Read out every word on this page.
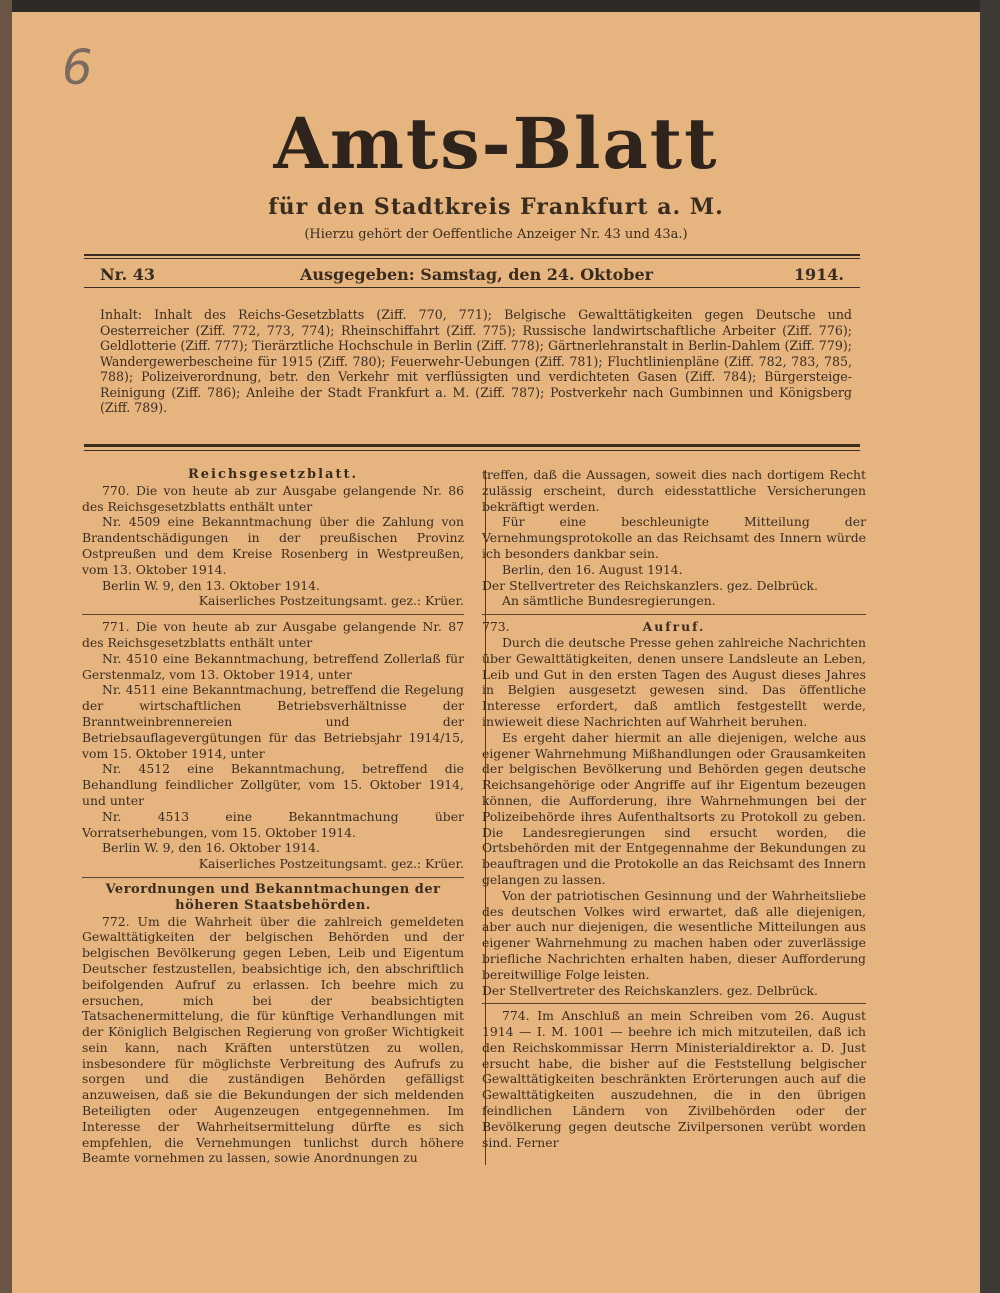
6
Amts-Blatt
für den Stadtkreis Frankfurt a. M.
(Hierzu gehört der Oeffentliche Anzeiger Nr. 43 und 43a.)
Nr. 43	Ausgegeben: Samstag, den 24. Oktober	1914.
Inhalt: Inhalt des Reichs-Gesetzblatts (Ziff. 770, 771); Belgische Gewalttätigkeiten gegen Deutsche und Oesterreicher (Ziff. 772, 773, 774); Rheinschiffahrt (Ziff. 775); Russische landwirtschaftliche Arbeiter (Ziff. 776); Geldlotterie (Ziff. 777); Tierärztliche Hochschule in Berlin (Ziff. 778); Gärtnerlehranstalt in Berlin-Dahlem (Ziff. 779); Wandergewerbescheine für 1915 (Ziff. 780); Feuerwehr-Uebungen (Ziff. 781); Fluchtlinienpläne (Ziff. 782, 783, 785, 788); Polizeiverordnung, betr. den Verkehr mit verflüssigten und verdichteten Gasen (Ziff. 784); Bürgersteige-Reinigung (Ziff. 786); Anleihe der Stadt Frankfurt a. M. (Ziff. 787); Postverkehr nach Gumbinnen und Königsberg (Ziff. 789).

Reichsgesetzblatt.

770. Die von heute ab zur Ausgabe gelangende Nr. 86 des Reichsgesetzblatts enthält unter

Nr. 4509 eine Bekanntmachung über die Zahlung von Brandentschädigungen in der preußischen Provinz Ostpreußen und dem Kreise Rosenberg in Westpreußen, vom 13. Oktober 1914.

Berlin W. 9, den 13. Oktober 1914.

Kaiserliches Postzeitungsamt. gez.: Krüer.

771. Die von heute ab zur Ausgabe gelangende Nr. 87 des Reichsgesetzblatts enthält unter

Nr. 4510 eine Bekanntmachung, betreffend Zollerlaß für Gerstenmalz, vom 13. Oktober 1914, unter

Nr. 4511 eine Bekanntmachung, betreffend die Regelung der wirtschaftlichen Betriebsverhältnisse der Branntweinbrennereien und der Betriebsauflagevergütungen für das Betriebsjahr 1914/15, vom 15. Oktober 1914, unter

Nr. 4512 eine Bekanntmachung, betreffend die Behandlung feindlicher Zollgüter, vom 15. Oktober 1914, und unter

Nr. 4513 eine Bekanntmachung über Vorratserhebungen, vom 15. Oktober 1914.

Berlin W. 9, den 16. Oktober 1914.

Kaiserliches Postzeitungsamt. gez.: Krüer.

Verordnungen und Bekanntmachungen der höheren Staatsbehörden.

772. Um die Wahrheit über die zahlreich gemeldeten Gewalttätigkeiten der belgischen Behörden und der belgischen Bevölkerung gegen Leben, Leib und Eigentum Deutscher festzustellen, beabsichtige ich, den abschriftlich beifolgenden Aufruf zu erlassen. Ich beehre mich zu ersuchen, mich bei der beabsichtigten Tatsachenermittelung, die für künftige Verhandlungen mit der Königlich Belgischen Regierung von großer Wichtigkeit sein kann, nach Kräften unterstützen zu wollen, insbesondere für möglichste Verbreitung des Aufrufs zu sorgen und die zuständigen Behörden gefälligst anzuweisen, daß sie die Bekundungen der sich meldenden Beteiligten oder Augenzeugen entgegennehmen. Im Interesse der Wahrheitsermittelung dürfte es sich empfehlen, die Vernehmungen tunlichst durch höhere Beamte vornehmen zu lassen, sowie Anordnungen zu

treffen, daß die Aussagen, soweit dies nach dortigem Recht zulässig erscheint, durch eidesstattliche Versicherungen bekräftigt werden.

Für eine beschleunigte Mitteilung der Vernehmungsprotokolle an das Reichsamt des Innern würde ich besonders dankbar sein.

Berlin, den 16. August 1914.

Der Stellvertreter des Reichskanzlers. gez. Delbrück.

An sämtliche Bundesregierungen.

773.	Aufruf.

Durch die deutsche Presse gehen zahlreiche Nachrichten über Gewalttätigkeiten, denen unsere Landsleute an Leben, Leib und Gut in den ersten Tagen des August dieses Jahres in Belgien ausgesetzt gewesen sind. Das öffentliche Interesse erfordert, daß amtlich festgestellt werde, inwieweit diese Nachrichten auf Wahrheit beruhen.

Es ergeht daher hiermit an alle diejenigen, welche aus eigener Wahrnehmung Mißhandlungen oder Grausamkeiten der belgischen Bevölkerung und Behörden gegen deutsche Reichsangehörige oder Angriffe auf ihr Eigentum bezeugen können, die Aufforderung, ihre Wahrnehmungen bei der Polizeibehörde ihres Aufenthaltsorts zu Protokoll zu geben. Die Landesregierungen sind ersucht worden, die Ortsbehörden mit der Entgegennahme der Bekundungen zu beauftragen und die Protokolle an das Reichsamt des Innern gelangen zu lassen.

Von der patriotischen Gesinnung und der Wahrheitsliebe des deutschen Volkes wird erwartet, daß alle diejenigen, aber auch nur diejenigen, die wesentliche Mitteilungen aus eigener Wahrnehmung zu machen haben oder zuverlässige briefliche Nachrichten erhalten haben, dieser Aufforderung bereitwillige Folge leisten.

Der Stellvertreter des Reichskanzlers. gez. Delbrück.

774. Im Anschluß an mein Schreiben vom 26. August 1914 — I. M. 1001 — beehre ich mich mitzuteilen, daß ich den Reichskommissar Herrn Ministerialdirektor a. D. Just ersucht habe, die bisher auf die Feststellung belgischer Gewalttätigkeiten beschränkten Erörterungen auch auf die Gewalttätigkeiten auszudehnen, die in den übrigen feindlichen Ländern von Zivilbehörden oder der Bevölkerung gegen deutsche Zivilpersonen verübt worden sind. Ferner
